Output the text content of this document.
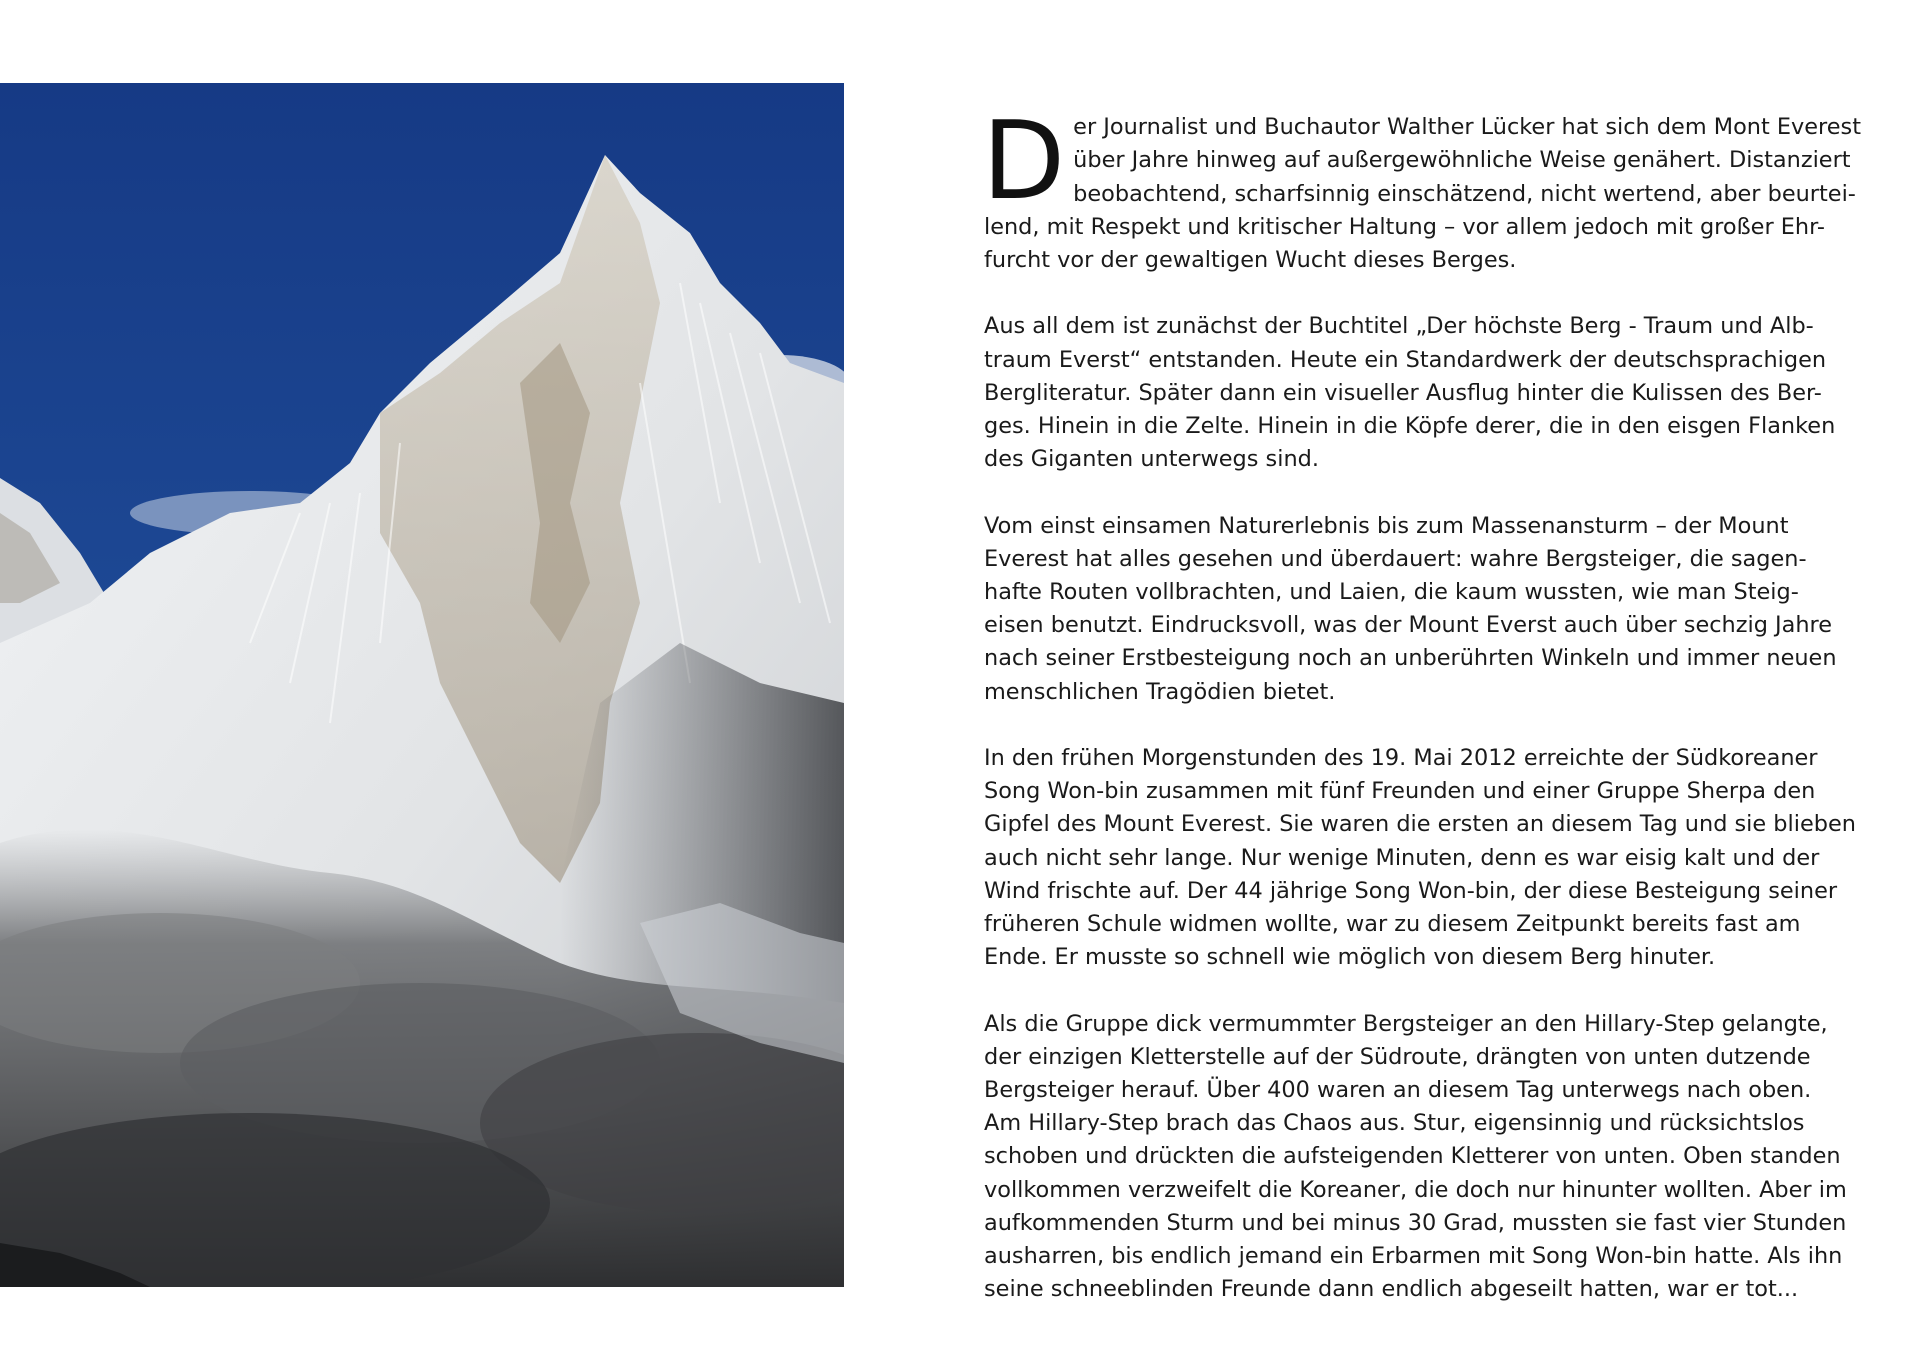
Der Journalist und Buchautor Walther Lücker hat sich dem Mont Everest
über Jahre hinweg auf außergewöhnliche Weise genähert. Distanziert
beobachtend, scharfsinnig einschätzend, nicht wertend, aber beurtei-
lend, mit Respekt und kritischer Haltung – vor allem jedoch mit großer Ehr-
furcht vor der gewaltigen Wucht dieses Berges.

Aus all dem ist zunächst der Buchtitel „Der höchste Berg - Traum und Alb-
traum Everst“ entstanden. Heute ein Standardwerk der deutschsprachigen
Bergliteratur. Später dann ein visueller Ausflug hinter die Kulissen des Ber-
ges. Hinein in die Zelte. Hinein in die Köpfe derer, die in den eisgen Flanken
des Giganten unterwegs sind.

Vom einst einsamen Naturerlebnis bis zum Massenansturm – der Mount
Everest hat alles gesehen und überdauert: wahre Bergsteiger, die sagen-
hafte Routen vollbrachten, und Laien, die kaum wussten, wie man Steig-
eisen benutzt. Eindrucksvoll, was der Mount Everst auch über sechzig Jahre
nach seiner Erstbesteigung noch an unberührten Winkeln und immer neuen
menschlichen Tragödien bietet.

In den frühen Morgenstunden des 19. Mai 2012 erreichte der Südkoreaner
Song Won-bin zusammen mit fünf Freunden und einer Gruppe Sherpa den
Gipfel des Mount Everest. Sie waren die ersten an diesem Tag und sie blieben
auch nicht sehr lange. Nur wenige Minuten, denn es war eisig kalt und der
Wind frischte auf. Der 44 jährige Song Won-bin, der diese Besteigung seiner
früheren Schule widmen wollte, war zu diesem Zeitpunkt bereits fast am
Ende. Er musste so schnell wie möglich von diesem Berg hinuter.

Als die Gruppe dick vermummter Bergsteiger an den Hillary-Step gelangte,
der einzigen Kletterstelle auf der Südroute, drängten von unten dutzende
Bergsteiger herauf. Über 400 waren an diesem Tag unterwegs nach oben.
Am Hillary-Step brach das Chaos aus. Stur, eigensinnig und rücksichtslos
schoben und drückten die aufsteigenden Kletterer von unten. Oben standen
vollkommen verzweifelt die Koreaner, die doch nur hinunter wollten. Aber im
aufkommenden Sturm und bei minus 30 Grad, mussten sie fast vier Stunden
ausharren, bis endlich jemand ein Erbarmen mit Song Won-bin hatte. Als ihn
seine schneeblinden Freunde dann endlich abgeseilt hatten, war er tot...
